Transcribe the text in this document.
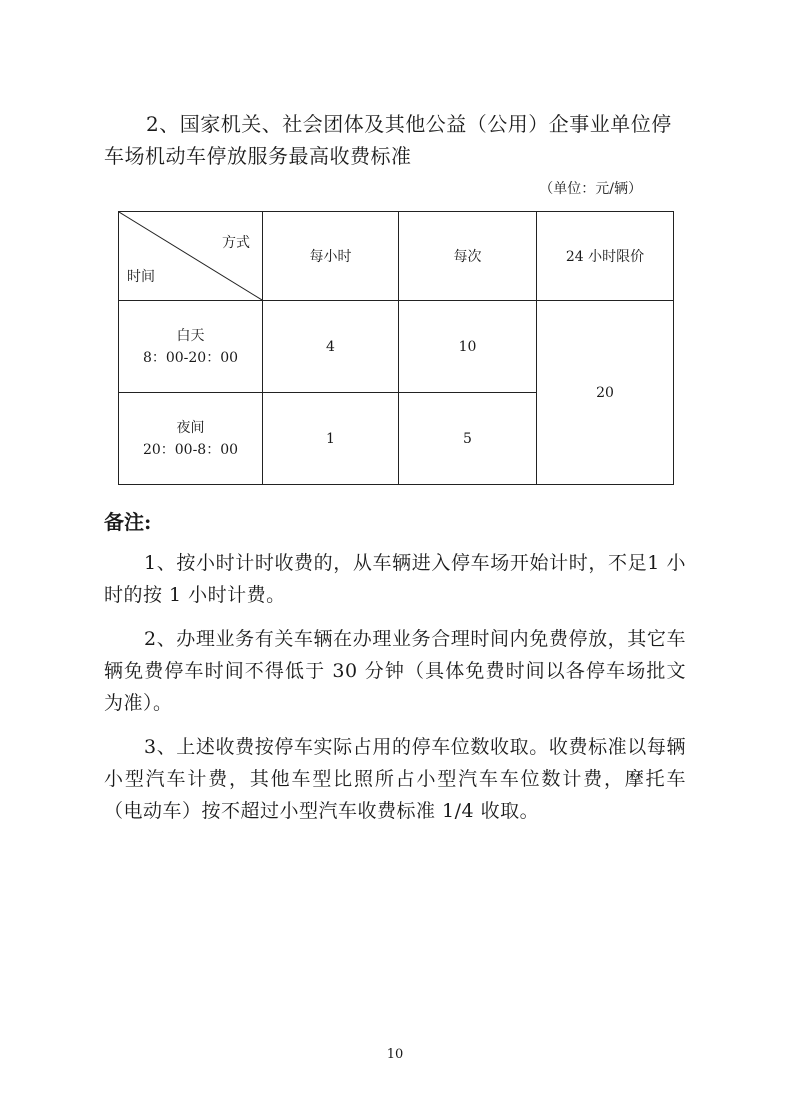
2、国家机关、社会团体及其他公益（公用）企事业单位停
车场机动车停放服务最高收费标准
（单位：元/辆）
方式
时间	每小时	每次	24 小时限价

白天
8：00-20：00	4	10	20

夜间
20：00-8：00	1	5	
备注:

1、按小时计时收费的，从车辆进入停车场开始计时，不足1 小时的按 1 小时计费。

2、办理业务有关车辆在办理业务合理时间内免费停放，其它车辆免费停车时间不得低于 30 分钟（具体免费时间以各停车场批文为准）。

3、上述收费按停车实际占用的停车位数收取。收费标准以每辆小型汽车计费，其他车型比照所占小型汽车车位数计费，摩托车（电动车）按不超过小型汽车收费标准 1/4 收取。

10
